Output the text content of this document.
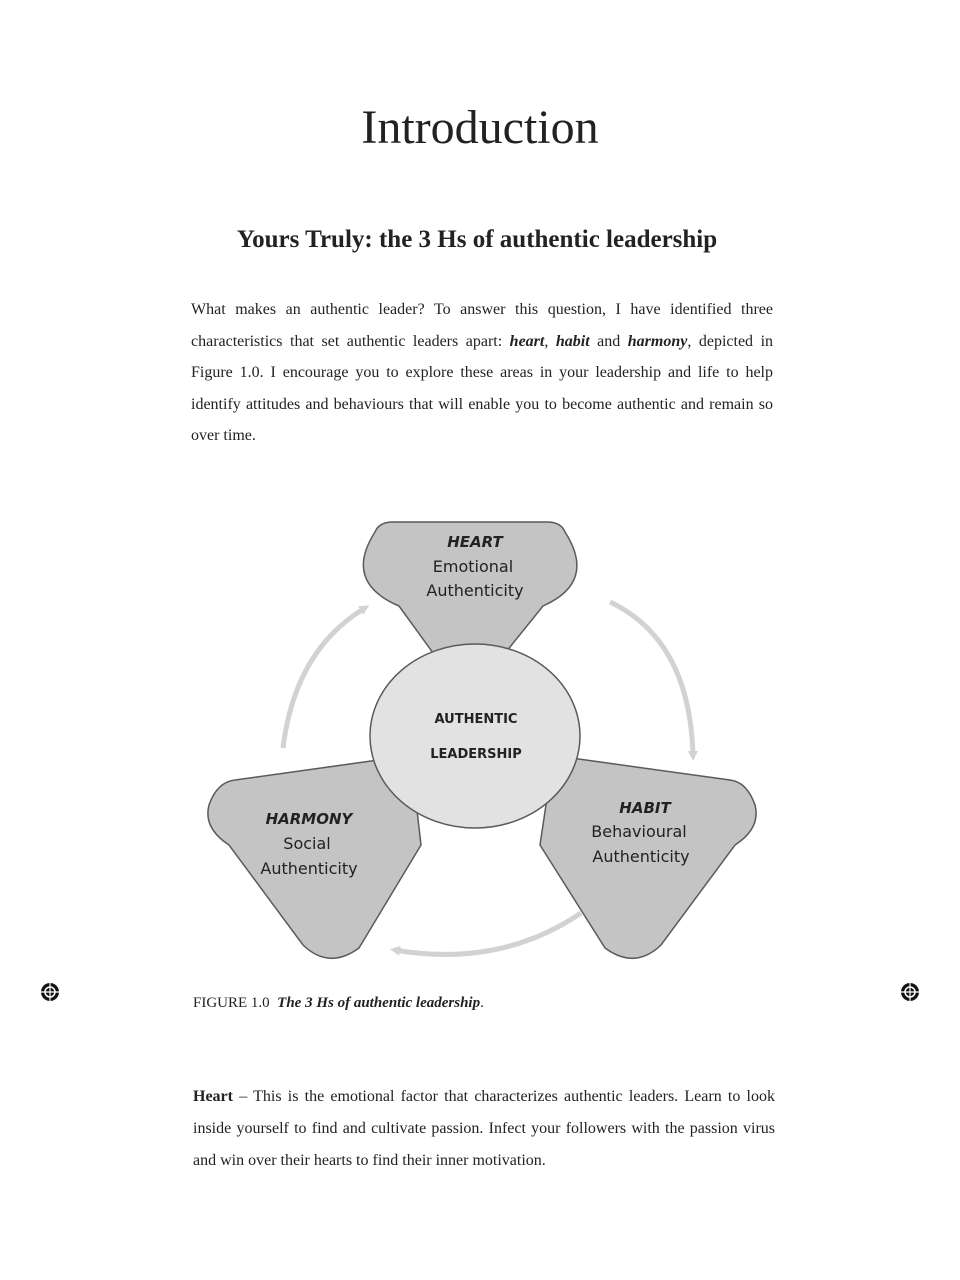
Introduction
Yours Truly: the 3 Hs of authentic leadership

What makes an authentic leader? To answer this question, I have identified three characteristics that set authentic leaders apart: heart, habit and harmony, depicted in Figure 1.0. I encourage you to explore these areas in your leadership and life to help identify attitudes and behaviours that will enable you to become authentic and remain so over time.

AUTHENTIC
LEADERSHIP
HEART
Emotional
Authenticity
HABIT
Behavioural
Authenticity
HARMONY
Social
Authenticity

FIGURE 1.0 The 3 Hs of authentic leadership.

Heart – This is the emotional factor that characterizes authentic leaders. Learn to look inside yourself to find and cultivate passion. Infect your followers with the passion virus and win over their hearts to find their inner motivation.
